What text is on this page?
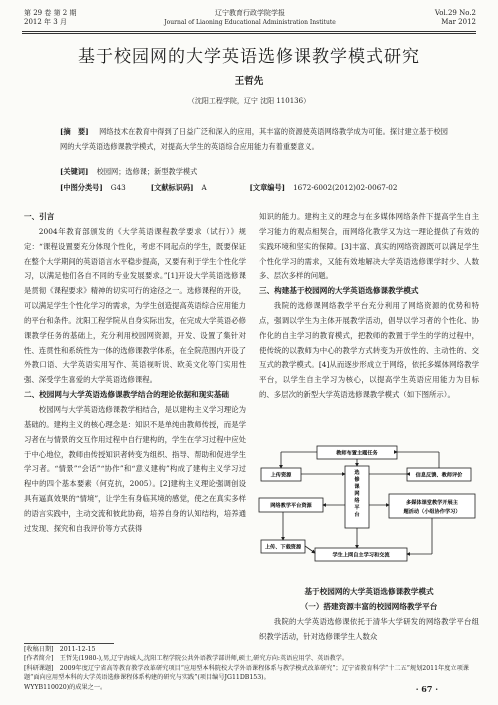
第 29 卷 第 2 期
2012 年 3 月
辽宁教育行政学院学报
Journal of Liaoning Educational Administration Institute
Vol.29 No.2
Mar 2012
基于校园网的大学英语选修课教学模式研究
王哲先
（沈阳工程学院，辽宁 沈阳 110136）
[摘　要] 网络技术在教育中得到了日益广泛和深入的应用，其丰富的资源使英语网络教学成为可能。探讨建立基于校园网的大学英语选修课教学模式，对提高大学生的英语综合应用能力有着重要意义。
[关键词] 校园网；选修课；新型教学模式
[中图分类号] G43	[文献标识码] A	[文章编号] 1672-6002(2012)02-0067-02
一、引言

2004年教育部颁发的《大学英语课程教学要求（试行）》规定：“课程设置要充分体现个性化，考虑不同起点的学生，既要保证在整个大学期间的英语语言水平稳步提高，又要有利于学生个性化学习，以满足他们各自不同的专业发展要求。”[1]开设大学英语选修课是贯彻《课程要求》精神的切实可行的途径之一。选修课程的开设，可以满足学生个性化学习的需求，为学生创造提高英语综合应用能力的平台和条件。沈阳工程学院从自身实际出发，在完成大学英语必修课教学任务的基础上，充分利用校园网资源，开发、设置了集针对性、连贯性和系统性为一体的选修课教学体系，在全院范围内开设了外教口语、大学英语实用写作、英语视听说、欧美文化等门实用性强、深受学生喜爱的大学英语选修课程。

二、校园网与大学英语选修课教学结合的理论依据和现实基础

校园网与大学英语选修课教学相结合，是以建构主义学习理论为基础的。建构主义的核心理念是：知识不是单纯由教师传授，而是学习者在与情景的交互作用过程中自行建构的，学生在学习过程中应处于中心地位，教师由传授知识者转变为组织、指导、帮助和促进学生学习者。“情景”“会话”“协作”和“意义建构”构成了建构主义学习过程中的四个基本要素（何克抗，2005）。[2]建构主义理论强调创设具有逼真效果的“情境”，让学生有身临其境的感觉，使之在真实多样的语言实践中，主动交流和彼此协商，培养自身的认知结构，培养通过发现、探究和自我评价等方式获得

知识的能力。建构主义的理念与在多媒体网络条件下提高学生自主学习能力的观点相契合，而网络化教学又为这一理论提供了有效的实践环境和坚实的保障。[3]丰富、真实的网络资源既可以满足学生个性化学习的需求，又能有效地解决大学英语选修课学时少、人数多、层次多样的问题。

三、构建基于校园网的大学英语选修课教学模式

我院的选修课网络教学平台充分利用了网络资源的优势和特点，强调以学生为主体开展教学活动，倡导以学习者的个性化、协作化的自主学习的教育模式，把教师的教置于学生的学的过程中，使传统的以教师为中心的教学方式转变为开放性的、主动性的、交互式的教学模式。[4]从而逐步形成立于网络，依托多媒体网络教学平台，以学生自主学习为核心，以提高学生英语应用能力为目标的、多层次的新型大学英语选修课教学模式（如下图所示）。

教师布置主题任务
上传资源	信息反馈、教师评价
选修课网络平台
网络教学平台资源	多媒体课堂教学开展主
题活动（小组协作学习）
上传、下载资源
学生上网自主学习和交流
基于校园网的大学英语选修课教学模式
（一）搭建资源丰富的校园网络教学平台

我院的大学英语选修课依托于清华大学研发的网络教学平台组织教学活动，针对选修课学生人数众

[收稿日期]　2011-12-15
[作者简介]　王哲先(1980-),男,辽宁海城人,沈阳工程学院公共外语教学部讲师,硕士,研究方向:英语应用学、英语教学。
[科研课题]　2009年度辽宁省高等教育教学改革研究项目“应用型本科院校大学外语课程体系与教学模式改革研究”；辽宁省教育科学“十二五”规划2011年度立项课题“面向应用型本科的大学英语选修课程体系构建的研究与实践”(项目编号JG11DB153)。
WYYB110020)的成果之一。	· 67 ·
